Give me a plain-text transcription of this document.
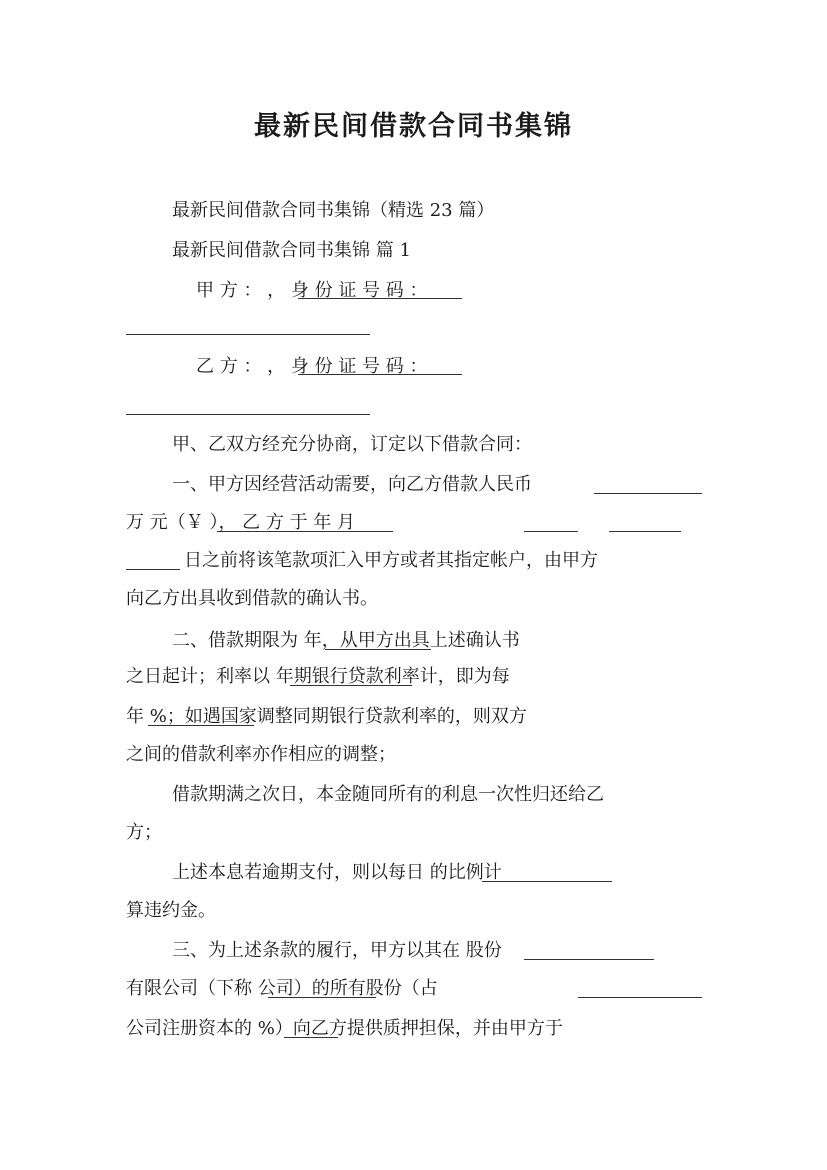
最新民间借款合同书集锦
最新民间借款合同书集锦（精选 23 篇）
最新民间借款合同书集锦 篇 1
甲 方 ： ， 身 份 证 号 码 ：
乙 方 ： ， 身 份 证 号 码 ：
甲、乙双方经充分协商，订定以下借款合同：
一、甲方因经营活动需要，向乙方借款人民币
万 元（￥ ）， 乙 方 于 年 月
日之前将该笔款项汇入甲方或者其指定帐户，由甲方
向乙方出具收到借款的确认书。
二、借款期限为 年，从甲方出具上述确认书
之日起计；利率以 年期银行贷款利率计，即为每
年 %；如遇国家调整同期银行贷款利率的，则双方
之间的借款利率亦作相应的调整；
借款期满之次日，本金随同所有的利息一次性归还给乙
方；
上述本息若逾期支付，则以每日 的比例计
算违约金。
三、为上述条款的履行，甲方以其在 股份
有限公司（下称 公司）的所有股份（占
公司注册资本的 %）向乙方提供质押担保，并由甲方于
